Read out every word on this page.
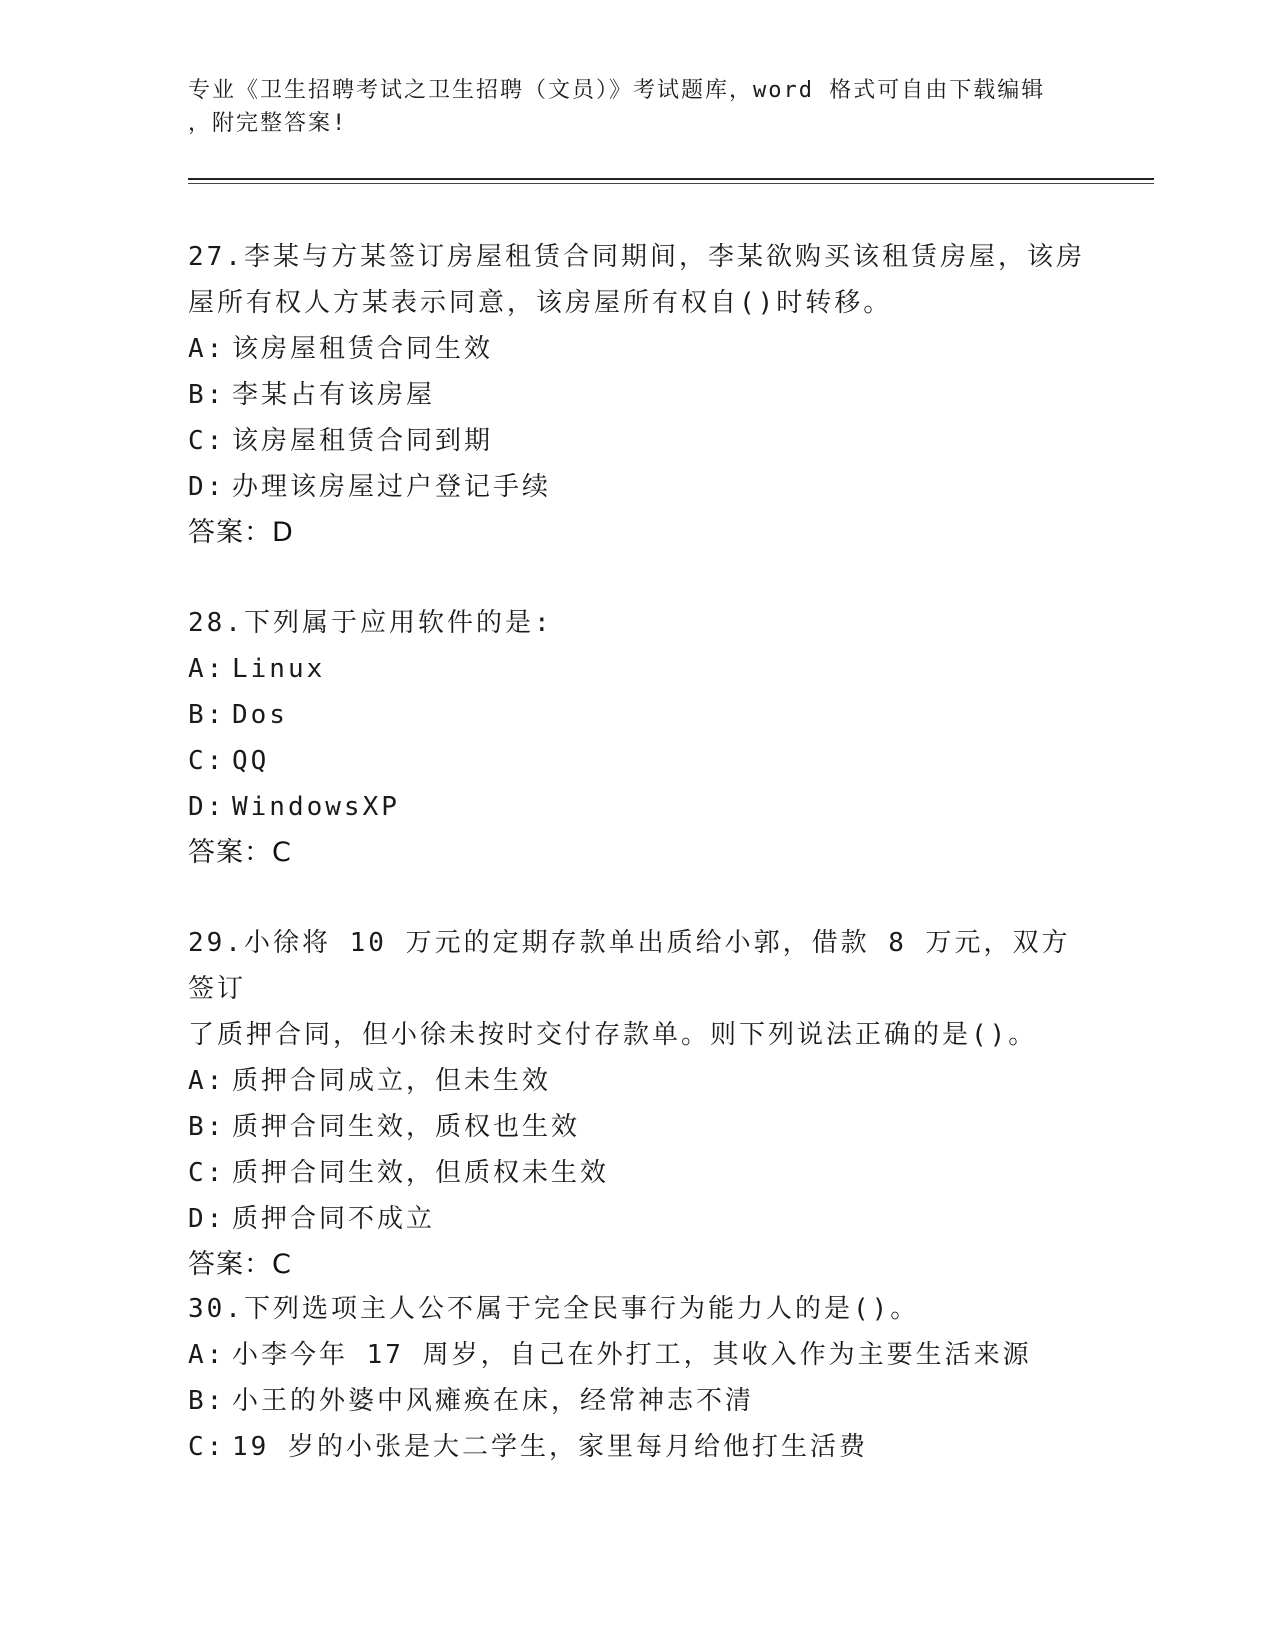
专业《卫生招聘考试之卫生招聘（文员）》考试题库，word 格式可自由下载编辑
，附完整答案!
27.李某与方某签订房屋租赁合同期间，李某欲购买该租赁房屋，该房
屋所有权人方某表示同意，该房屋所有权自()时转移。
A: 该房屋租赁合同生效
B: 李某占有该房屋
C: 该房屋租赁合同到期
D: 办理该房屋过户登记手续
答案：D
28.下列属于应用软件的是:
A: Linux
B: Dos
C: QQ
D: WindowsXP
答案：C
29.小徐将 10 万元的定期存款单出质给小郭，借款 8 万元，双方签订
了质押合同，但小徐未按时交付存款单。则下列说法正确的是()。
A: 质押合同成立，但未生效
B: 质押合同生效，质权也生效
C: 质押合同生效，但质权未生效
D: 质押合同不成立
答案：C
30.下列选项主人公不属于完全民事行为能力人的是()。
A: 小李今年 17 周岁，自己在外打工，其收入作为主要生活来源
B: 小王的外婆中风瘫痪在床，经常神志不清
C: 19 岁的小张是大二学生，家里每月给他打生活费
